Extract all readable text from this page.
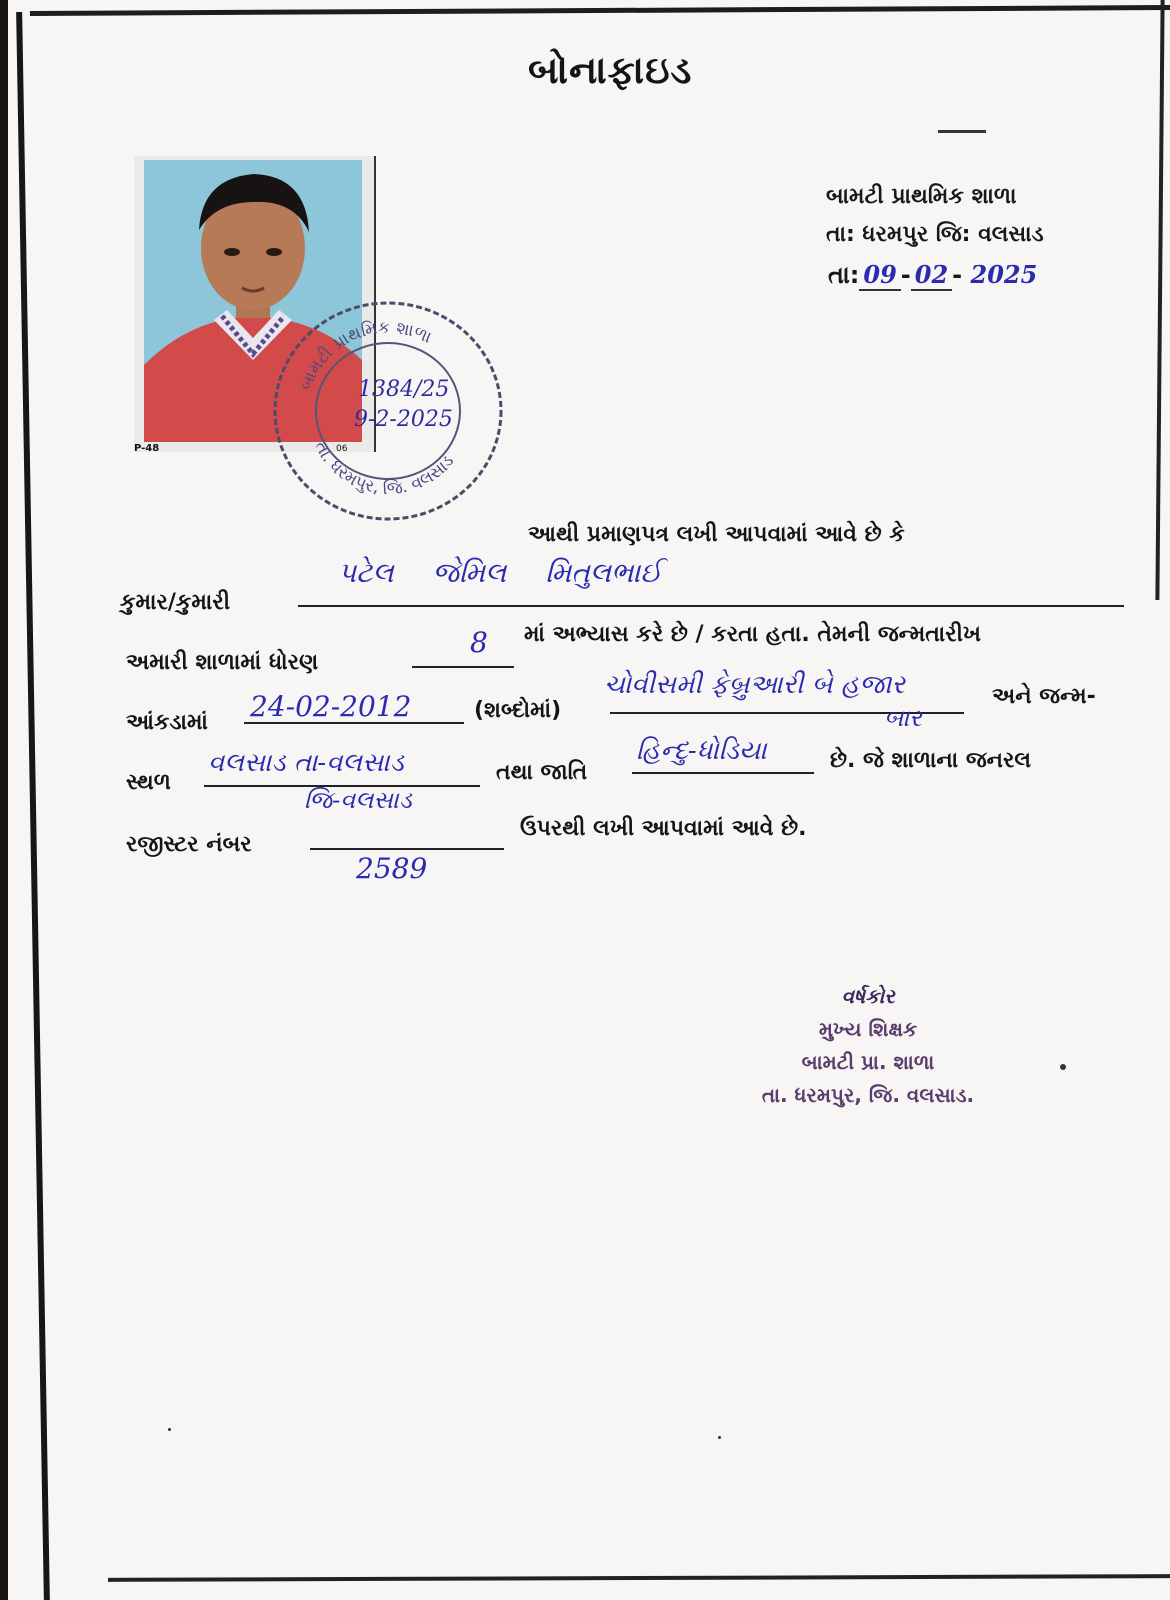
બોનાફાઇડ
બામટી પ્રાથમિક શાળા
તા: ધરમપુર જિ: વલસાડ
તા: 09 - 02 - 2025
P-48	06
બામટી પ્રાથમિક શાળા
તા. ધરમપુર, જિ. વલસાડ
1384/25
9-2-2025
આથી પ્રમાણપત્ર લખી આપવામાં આવે છે કે
કુમાર/કુમારી
પટેલ જેમિલ મિતુલભાઈ
અમારી શાળામાં ધોરણ
8 માં અભ્યાસ કરે છે / કરતા હતા. તેમની જન્મતારીખ
આંકડામાં 24-02-2012	(શબ્દોમાં)
ચોવીસમી ફેબ્રુઆરી બે હજાર
બાર
અને જન્મ-
સ્થળ
વલસાડ તા-વલસાડ
જિ-વલસાડ
તથા જાતિ
હિન્દુ-ધોડિયા	છે. જે શાળાના જનરલ
રજીસ્ટર નંબર
2589
ઉપરથી લખી આપવામાં આવે છે.
વર્ષકોર
મુખ્ય શિક્ષક
બામટી પ્રા. શાળા
તા. ધરમપુર, જિ. વલસાડ.
